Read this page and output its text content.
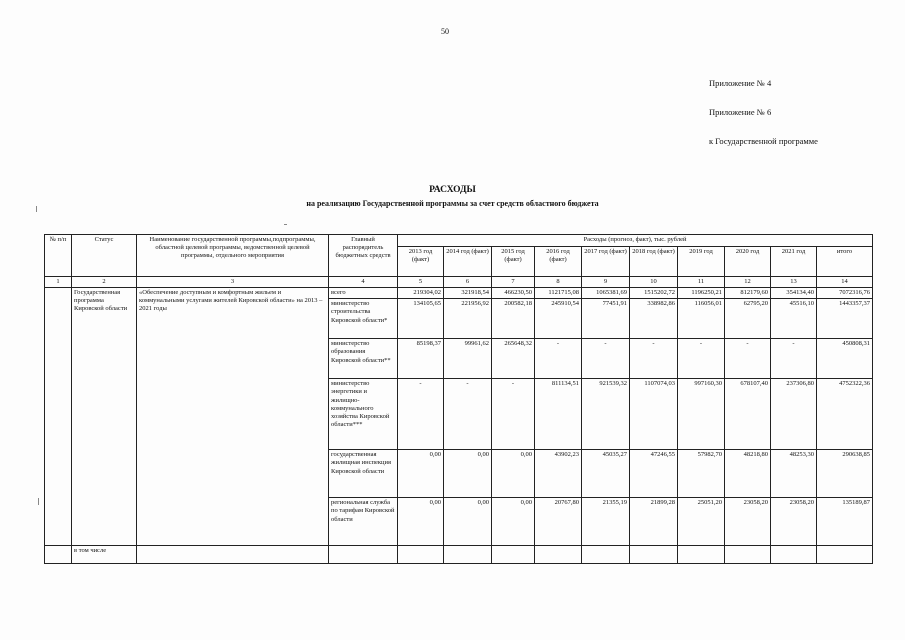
50
Приложение № 4
Приложение № 6
к Государственной программе
РАСХОДЫ
на реализацию Государственной программы за счет средств областного бюджета
№ п/п	Статус	Наименование государственной программы,подпрограммы, областной целевой программы, ведомственной целевой программы, отдельного мероприятия	Главный распорядитель бюджетных средств	Расходы (прогноз, факт), тыс. рублей									
				2013 год (факт)	2014 год (факт)	2015 год (факт)	2016 год (факт)	2017 год (факт)	2018 год (факт)	2019 год	2020 год	2021 год	итого
1	2	3	4	5	6	7	8	9	10	11	12	13	14
	Государственная программа Кировской области	«Обеспечение доступным и комфортным жильем и коммунальными услугами жителей Кировской области» на 2013 – 2021 годы	всего	219304,02	321918,54	466230,50	1121715,08	1065381,69	1515202,72	1196250,21	812179,60	354134,40	7072316,76
			министерство строительства Кировской области*	134105,65	221956,92	200582,18	245910,54	77451,91	338982,86	116056,01	62795,20	45516,10	1443357,37
			министерство образования Кировской области**	85198,37	99961,62	265648,32	-	-	-	-	-	-	450808,31
			министерство энергетики и жилищно-коммунального хозяйства Кировской области***	-	-	-	811134,51	921539,32	1107074,03	997160,30	678107,40	237306,80	4752322,36
			государственная жилищная инспекция Кировской области	0,00	0,00	0,00	43902,23	45035,27	47246,55	57982,70	48218,80	48253,30	290638,85
			региональная служба по тарифам Кировской области	0,00	0,00	0,00	20767,80	21355,19	21899,28	25051,20	23058,20	23058,20	135189,87
	в том числе												
